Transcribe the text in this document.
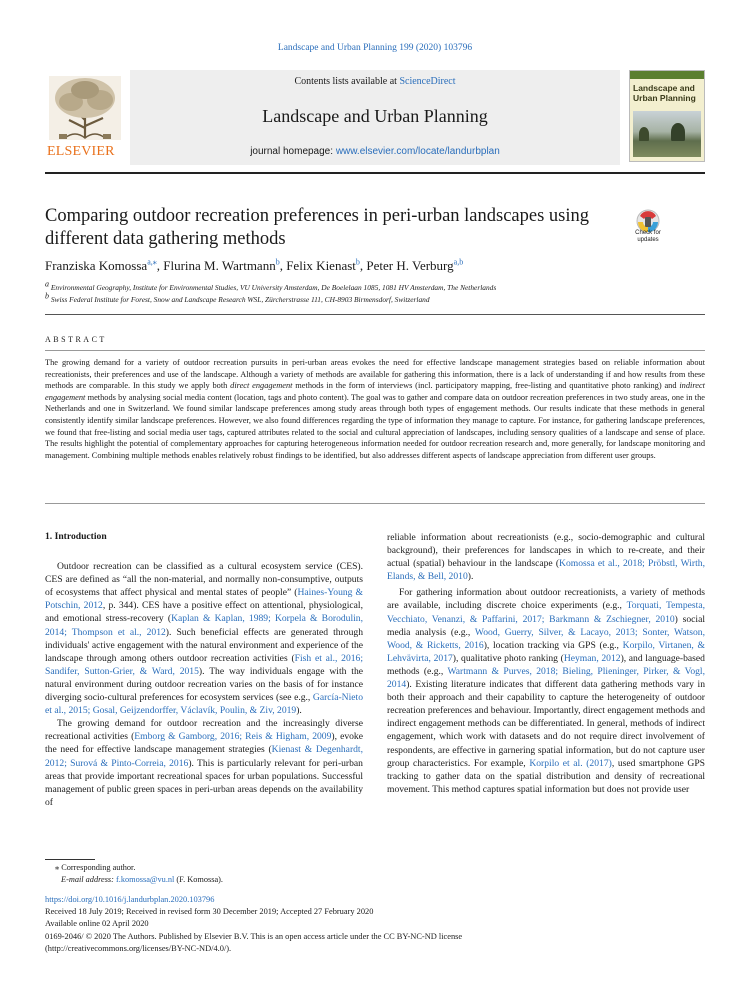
Landscape and Urban Planning 199 (2020) 103796
ELSEVIER
Contents lists available at ScienceDirect
Landscape and Urban Planning
journal homepage: www.elsevier.com/locate/landurbplan
Landscape and Urban Planning
Comparing outdoor recreation preferences in peri-urban landscapes using different data gathering methods	Check for updates
Franziska Komossa$^{a,⁎}$, Flurina M. Wartmann$^b$, Felix Kienast$^b$, Peter H. Verburg$^{a,b}$
$^a$ Environmental Geography, Institute for Environmental Studies, VU University Amsterdam, De Boelelaan 1085, 1081 HV Amsterdam, The Netherlands
$^b$ Swiss Federal Institute for Forest, Snow and Landscape Research WSL, Zürcherstrasse 111, CH-8903 Birmensdorf, Switzerland
ABSTRACT
The growing demand for a variety of outdoor recreation pursuits in peri-urban areas evokes the need for effective landscape management strategies based on reliable information about recreationists, their preferences and use of the landscape. Although a variety of methods are available for gathering this information, there is a lack of understanding if and how results from these methods are comparable. In this study we apply both direct engagement methods in the form of interviews (incl. participatory mapping, free-listing and quantitative photo ranking) and indirect engagement methods by analysing social media content (location, tags and photo content). The goal was to gather and compare data on outdoor recreation preferences in two study areas, one in the Netherlands and one in Switzerland. We found similar landscape preferences among study areas through both types of engagement methods. Our results indicate that these methods in general consistently identify similar landscape preferences. However, we also found differences regarding the type of information they manage to capture. For instance, for gathering landscape preferences, we found that free-listing and social media user tags, captured attributes related to the social and cultural appreciation of landscapes, including sensory qualities of a landscape and sense of place. The results highlight the potential of complementary approaches for capturing heterogeneous information needed for outdoor recreation research and, more generally, for landscape monitoring and management. Combining multiple methods enables relatively robust findings to be identified, but also addresses different aspects of landscape appreciation from different user groups.
1. Introduction

Outdoor recreation can be classified as a cultural ecosystem service (CES). CES are defined as “all the non-material, and normally non-consumptive, outputs of ecosystems that affect physical and mental states of people” (Haines-Young & Potschin, 2012, p. 344). CES have a positive effect on attentional, physiological, and emotional stress-recovery (Kaplan & Kaplan, 1989; Korpela & Borodulin, 2014; Thompson et al., 2012). Such beneficial effects are generated through individuals' active engagement with the natural environment and experience of the landscape through among others outdoor recreation activities (Fish et al., 2016; Sandifer, Sutton-Grier, & Ward, 2015). The way individuals engage with the natural environment during outdoor recreation varies on the basis of for instance diverging socio-cultural preferences for ecosystem services (see e.g., García-Nieto et al., 2015; Gosal, Geijzendorffer, Václavík, Poulin, & Ziv, 2019).

The growing demand for outdoor recreation and the increasingly diverse recreational activities (Emborg & Gamborg, 2016; Reis & Higham, 2009), evoke the need for effective landscape management strategies (Kienast & Degenhardt, 2012; Surová & Pinto-Correia, 2016). This is particularly relevant for peri-urban areas that provide important recreational spaces for urban populations. Successful management of public green spaces in peri-urban areas depends on the availability of

reliable information about recreationists (e.g., socio-demographic and cultural background), their preferences for landscapes in which to re-create, and their actual (spatial) behaviour in the landscape (Komossa et al., 2018; Pröbstl, Wirth, Elands, & Bell, 2010).

For gathering information about outdoor recreationists, a variety of methods are available, including discrete choice experiments (e.g., Torquati, Tempesta, Vecchiato, Venanzi, & Paffarini, 2017; Barkmann & Zschiegner, 2010) social media analysis (e.g., Wood, Guerry, Silver, & Lacayo, 2013; Sonter, Watson, Wood, & Ricketts, 2016), location tracking via GPS (e.g., Korpilo, Virtanen, & Lehvävirta, 2017), qualitative photo ranking (Heyman, 2012), and language-based methods (e.g., Wartmann & Purves, 2018; Bieling, Plieninger, Pirker, & Vogl, 2014). Existing literature indicates that different data gathering methods vary in both their approach and their capability to capture the heterogeneity of outdoor recreation preferences and behaviour. Importantly, direct engagement methods and indirect engagement methods can be differentiated. In general, methods of indirect engagement, which work with datasets and do not require direct involvement of respondents, are effective in garnering spatial information, but do not capture user group characteristics. For example, Korpilo et al. (2017), used smartphone GPS tracking to gather data on the spatial distribution and density of recreational movement. This method captures spatial information but does not provide user

⁎ Corresponding author.
E-mail address: f.komossa@vu.nl (F. Komossa).
https://doi.org/10.1016/j.landurbplan.2020.103796
Received 18 July 2019; Received in revised form 30 December 2019; Accepted 27 February 2020
Available online 02 April 2020
0169-2046/ © 2020 The Authors. Published by Elsevier B.V. This is an open access article under the CC BY-NC-ND license
(http://creativecommons.org/licenses/BY-NC-ND/4.0/).
